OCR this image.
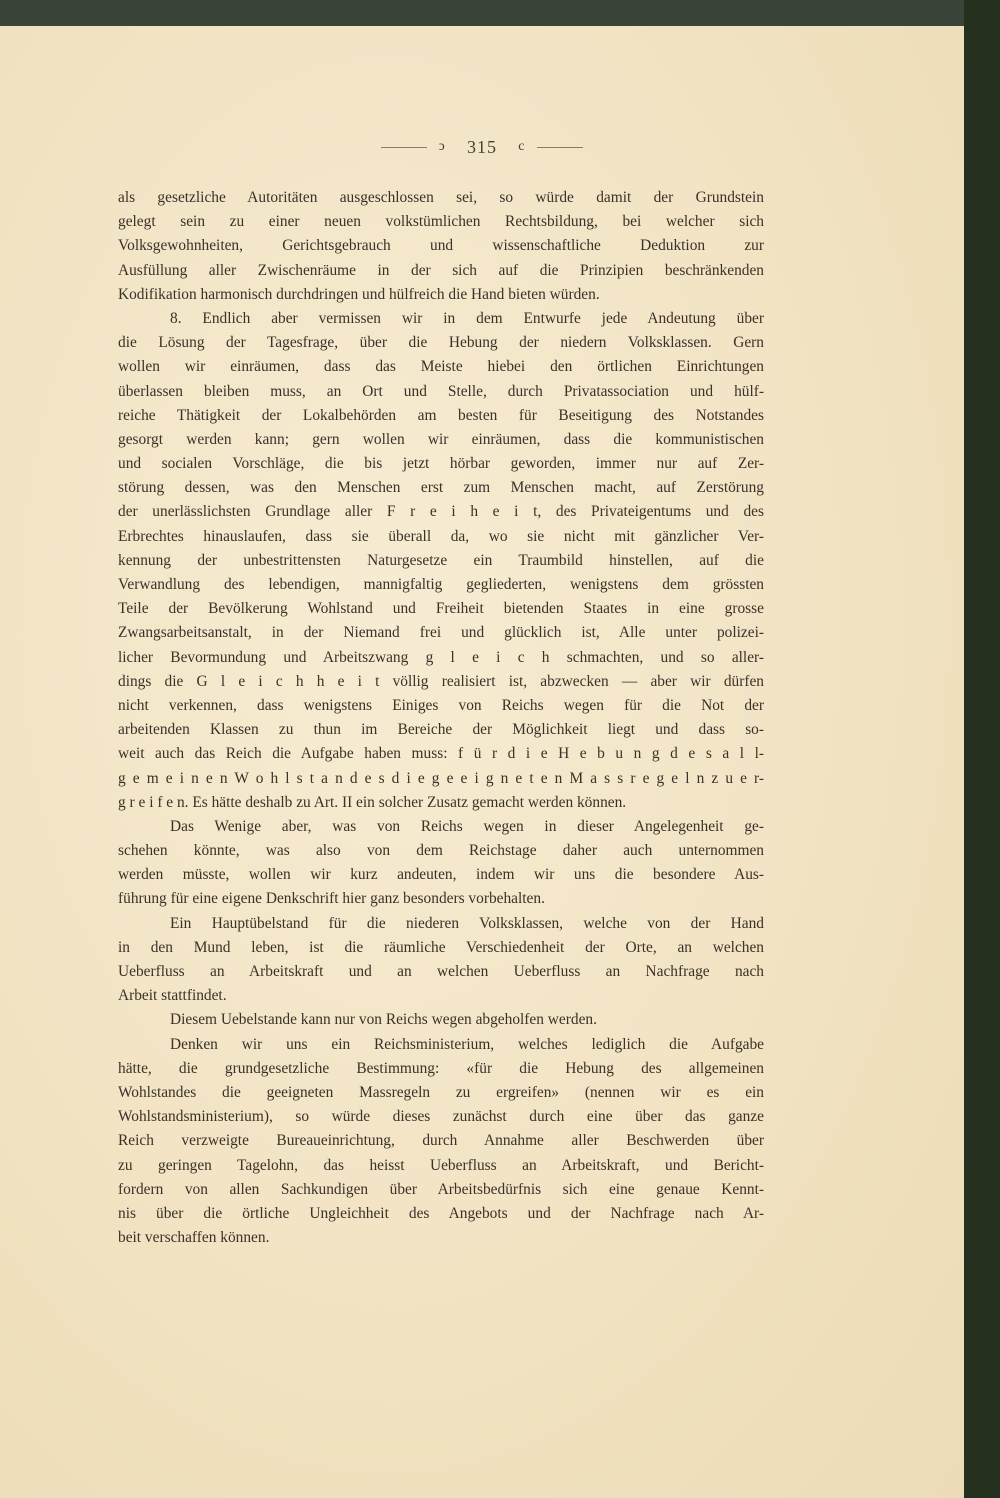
ↄ 315 c
als gesetzliche Autoritäten ausgeschlossen sei, so würde damit der Grundstein
gelegt sein zu einer neuen volkstümlichen Rechtsbildung, bei welcher sich
Volksgewohnheiten, Gerichtsgebrauch und wissenschaftliche Deduktion zur
Ausfüllung aller Zwischenräume in der sich auf die Prinzipien beschränkenden
Kodifikation harmonisch durchdringen und hülfreich die Hand bieten würden.
8. Endlich aber vermissen wir in dem Entwurfe jede Andeutung über
die Lösung der Tagesfrage, über die Hebung der niedern Volksklassen. Gern
wollen wir einräumen, dass das Meiste hiebei den örtlichen Einrichtungen
überlassen bleiben muss, an Ort und Stelle, durch Privatassociation und hülf-
reiche Thätigkeit der Lokalbehörden am besten für Beseitigung des Notstandes
gesorgt werden kann; gern wollen wir einräumen, dass die kommunistischen
und socialen Vorschläge, die bis jetzt hörbar geworden, immer nur auf Zer-
störung dessen, was den Menschen erst zum Menschen macht, auf Zerstörung
der unerlässlichsten Grundlage aller F r e i h e i t, des Privateigentums und des
Erbrechtes hinauslaufen, dass sie überall da, wo sie nicht mit gänzlicher Ver-
kennung der unbestrittensten Naturgesetze ein Traumbild hinstellen, auf die
Verwandlung des lebendigen, mannigfaltig gegliederten, wenigstens dem grössten
Teile der Bevölkerung Wohlstand und Freiheit bietenden Staates in eine grosse
Zwangsarbeitsanstalt, in der Niemand frei und glücklich ist, Alle unter polizei-
licher Bevormundung und Arbeitszwang g l e i c h schmachten, und so aller-
dings die G l e i c h h e i t völlig realisiert ist, abzwecken — aber wir dürfen
nicht verkennen, dass wenigstens Einiges von Reichs wegen für die Not der
arbeitenden Klassen zu thun im Bereiche der Möglichkeit liegt und dass so-
weit auch das Reich die Aufgabe haben muss: f ü r d i e H e b u n g d e s a l l-
g e m e i n e n W o h l s t a n d e s d i e g e e i g n e t e n M a s s r e g e l n z u e r-
g r e i f e n. Es hätte deshalb zu Art. II ein solcher Zusatz gemacht werden können.
Das Wenige aber, was von Reichs wegen in dieser Angelegenheit ge-
schehen könnte, was also von dem Reichstage daher auch unternommen
werden müsste, wollen wir kurz andeuten, indem wir uns die besondere Aus-
führung für eine eigene Denkschrift hier ganz besonders vorbehalten.
Ein Hauptübelstand für die niederen Volksklassen, welche von der Hand
in den Mund leben, ist die räumliche Verschiedenheit der Orte, an welchen
Ueberfluss an Arbeitskraft und an welchen Ueberfluss an Nachfrage nach
Arbeit stattfindet.
Diesem Uebelstande kann nur von Reichs wegen abgeholfen werden.
Denken wir uns ein Reichsministerium, welches lediglich die Aufgabe
hätte, die grundgesetzliche Bestimmung: «für die Hebung des allgemeinen
Wohlstandes die geeigneten Massregeln zu ergreifen» (nennen wir es ein
Wohlstandsministerium), so würde dieses zunächst durch eine über das ganze
Reich verzweigte Bureaueinrichtung, durch Annahme aller Beschwerden über
zu geringen Tagelohn, das heisst Ueberfluss an Arbeitskraft, und Bericht-
fordern von allen Sachkundigen über Arbeitsbedürfnis sich eine genaue Kennt-
nis über die örtliche Ungleichheit des Angebots und der Nachfrage nach Ar-
beit verschaffen können.
